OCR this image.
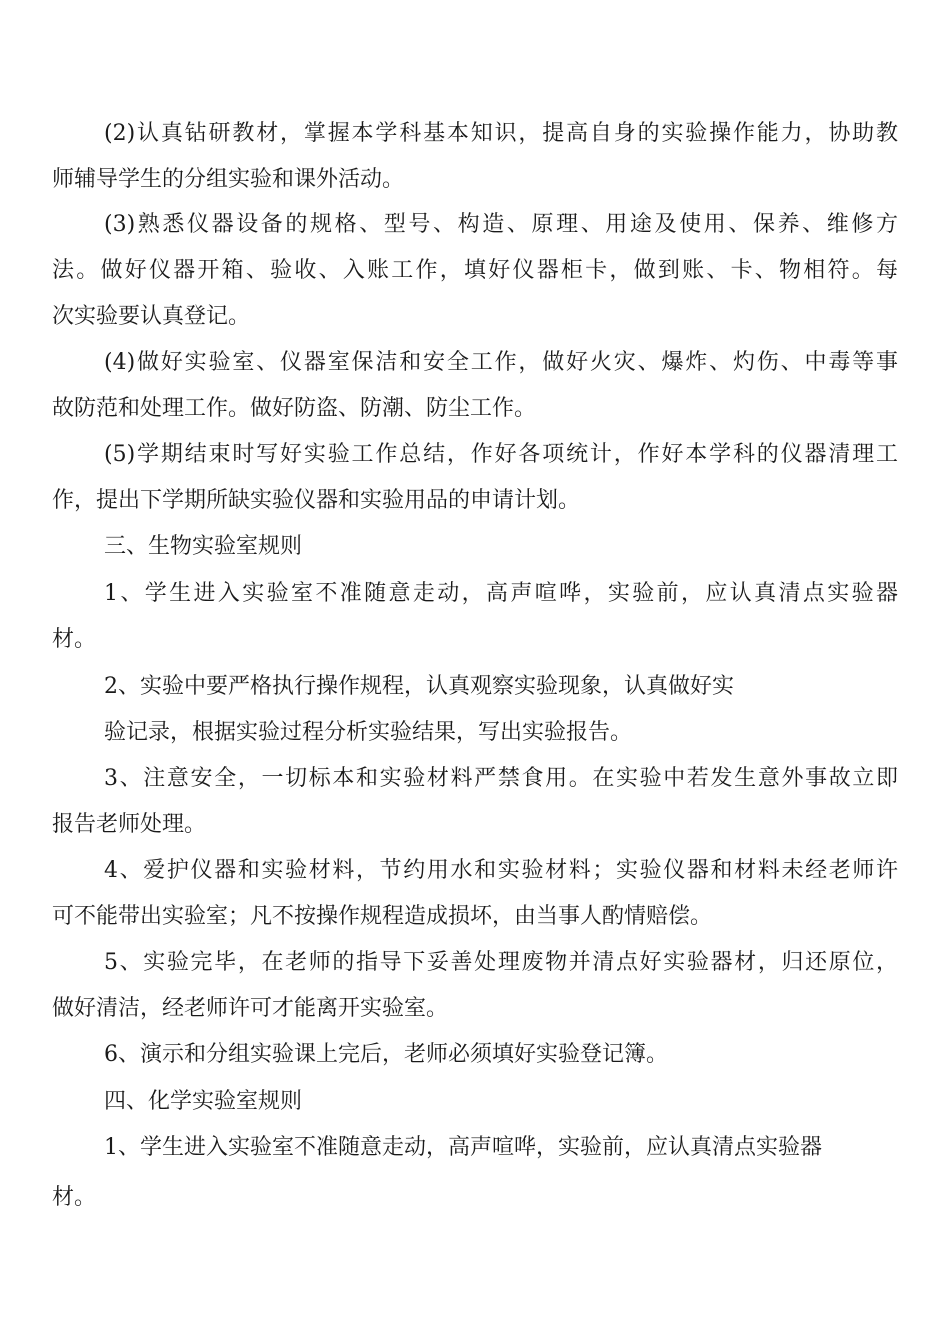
(2)认真钻研教材，掌握本学科基本知识，提高自身的实验操作能力，协助教
师辅导学生的分组实验和课外活动。
(3)熟悉仪器设备的规格、型号、构造、原理、用途及使用、保养、维修方
法。做好仪器开箱、验收、入账工作，填好仪器柜卡，做到账、卡、物相符。每
次实验要认真登记。
(4)做好实验室、仪器室保洁和安全工作，做好火灾、爆炸、灼伤、中毒等事
故防范和处理工作。做好防盗、防潮、防尘工作。
(5)学期结束时写好实验工作总结，作好各项统计，作好本学科的仪器清理工
作，提出下学期所缺实验仪器和实验用品的申请计划。
三、生物实验室规则
1、学生进入实验室不准随意走动，高声喧哗，实验前，应认真清点实验器
材。
2、实验中要严格执行操作规程，认真观察实验现象，认真做好实
验记录，根据实验过程分析实验结果，写出实验报告。
3、注意安全，一切标本和实验材料严禁食用。在实验中若发生意外事故立即
报告老师处理。
4、爱护仪器和实验材料，节约用水和实验材料；实验仪器和材料未经老师许
可不能带出实验室；凡不按操作规程造成损坏，由当事人酌情赔偿。
5、实验完毕，在老师的指导下妥善处理废物并清点好实验器材，归还原位，
做好清洁，经老师许可才能离开实验室。
6、演示和分组实验课上完后，老师必须填好实验登记簿。
四、化学实验室规则
1、学生进入实验室不准随意走动，高声喧哗，实验前，应认真清点实验器
材。
